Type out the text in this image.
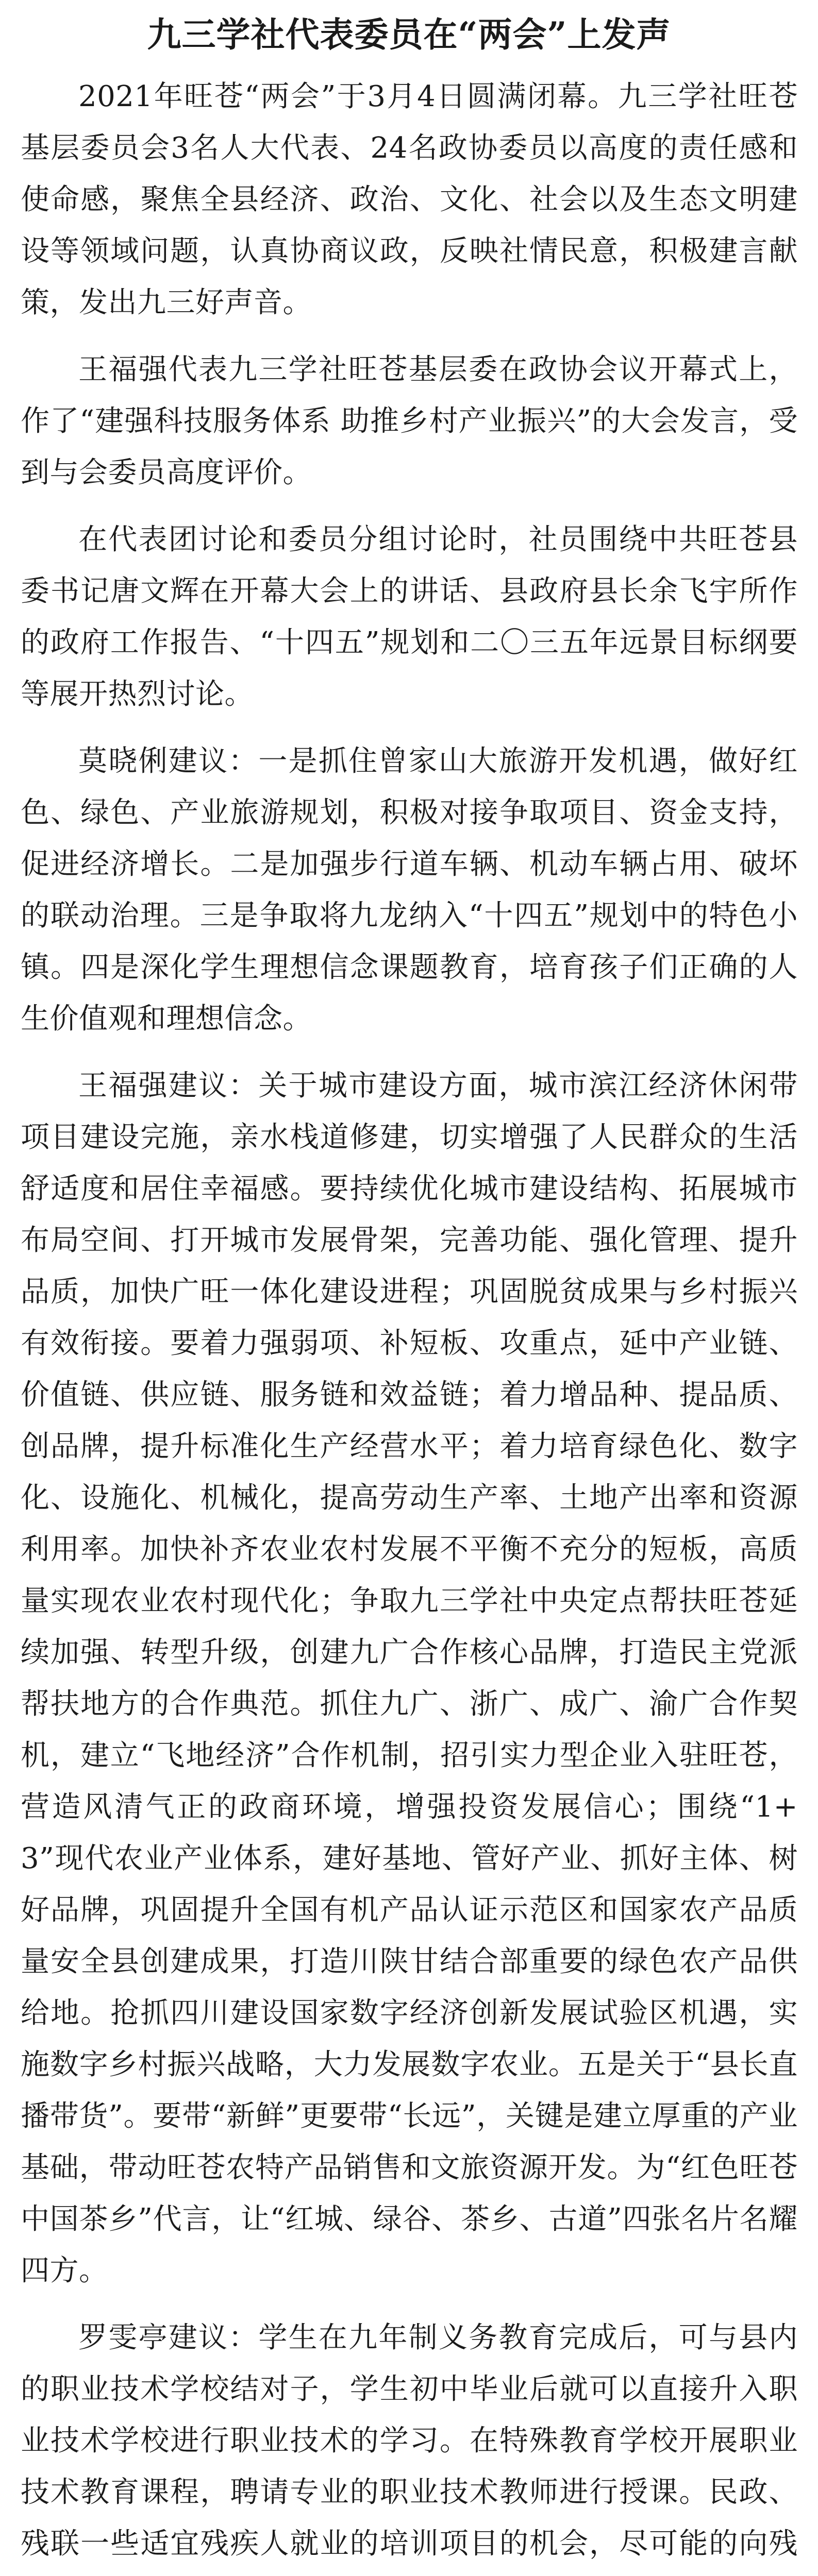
九三学社代表委员在“两会”上发声

2021年旺苍“两会”于3月4日圆满闭幕。九三学社旺苍基层委员会3名人大代表、24名政协委员以高度的责任感和使命感，聚焦全县经济、政治、文化、社会以及生态文明建设等领域问题，认真协商议政，反映社情民意，积极建言献策，发出九三好声音。

王福强代表九三学社旺苍基层委在政协会议开幕式上，作了“建强科技服务体系 助推乡村产业振兴”的大会发言，受到与会委员高度评价。

在代表团讨论和委员分组讨论时，社员围绕中共旺苍县委书记唐文辉在开幕大会上的讲话、县政府县长余飞宇所作的政府工作报告、“十四五”规划和二〇三五年远景目标纲要等展开热烈讨论。

莫晓俐建议：一是抓住曾家山大旅游开发机遇，做好红色、绿色、产业旅游规划，积极对接争取项目、资金支持，促进经济增长。二是加强步行道车辆、机动车辆占用、破坏的联动治理。三是争取将九龙纳入“十四五”规划中的特色小镇。四是深化学生理想信念课题教育，培育孩子们正确的人生价值观和理想信念。

王福强建议：关于城市建设方面，城市滨江经济休闲带项目建设完施，亲水栈道修建，切实增强了人民群众的生活舒适度和居住幸福感。要持续优化城市建设结构、拓展城市布局空间、打开城市发展骨架，完善功能、强化管理、提升品质，加快广旺一体化建设进程；巩固脱贫成果与乡村振兴有效衔接。要着力强弱项、补短板、攻重点，延中产业链、价值链、供应链、服务链和效益链；着力增品种、提品质、创品牌，提升标准化生产经营水平；着力培育绿色化、数字化、设施化、机械化，提高劳动生产率、土地产出率和资源利用率。加快补齐农业农村发展不平衡不充分的短板，高质量实现农业农村现代化；争取九三学社中央定点帮扶旺苍延续加强、转型升级，创建九广合作核心品牌，打造民主党派帮扶地方的合作典范。抓住九广、浙广、成广、渝广合作契机，建立“飞地经济”合作机制，招引实力型企业入驻旺苍，营造风清气正的政商环境，增强投资发展信心；围绕“1+3”现代农业产业体系，建好基地、管好产业、抓好主体、树好品牌，巩固提升全国有机产品认证示范区和国家农产品质量安全县创建成果，打造川陕甘结合部重要的绿色农产品供给地。抢抓四川建设国家数字经济创新发展试验区机遇，实施数字乡村振兴战略，大力发展数字农业。五是关于“县长直播带货”。要带“新鲜”更要带“长远”，关键是建立厚重的产业基础，带动旺苍农特产品销售和文旅资源开发。为“红色旺苍 中国茶乡”代言，让“红城、绿谷、茶乡、古道”四张名片名耀四方。

罗雯亭建议：学生在九年制义务教育完成后，可与县内的职业技术学校结对子，学生初中毕业后就可以直接升入职业技术学校进行职业技术的学习。在特殊教育学校开展职业技术教育课程，聘请专业的职业技术教师进行授课。民政、残联一些适宜残疾人就业的培训项目的机会，尽可能的向残
